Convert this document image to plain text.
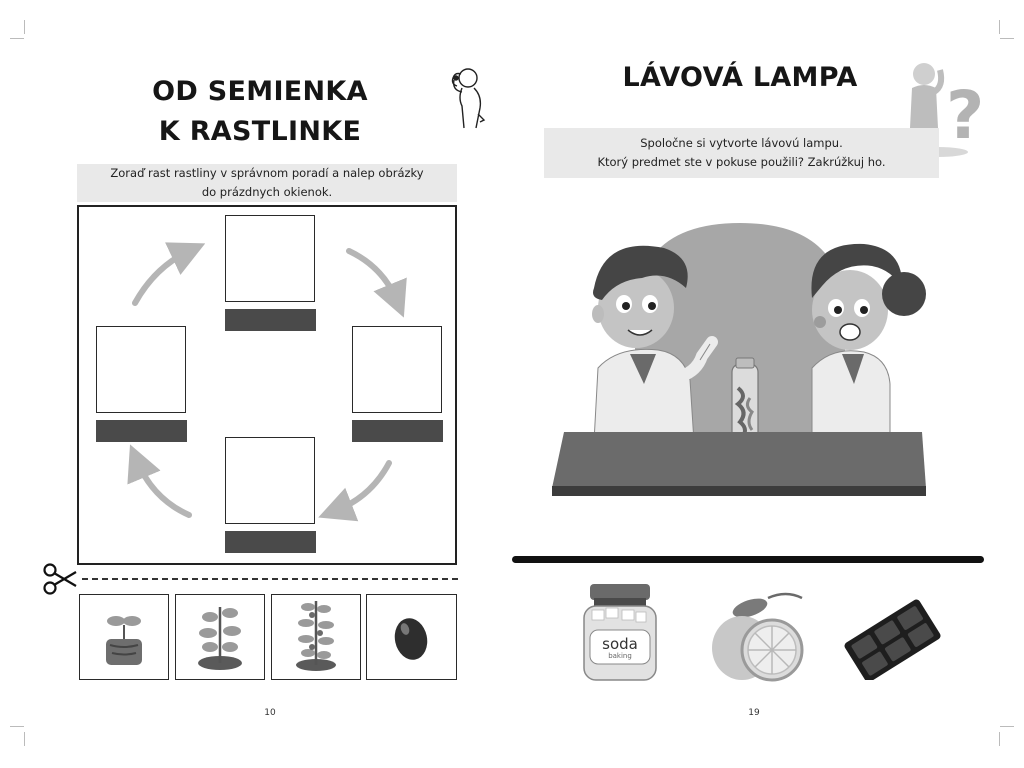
OD SEMIENKA
K RASTLINKE
Zoraď rast rastliny v správnom poradí a nalep obrázky
do prázdnych okienok.
10
LÁVOVÁ LAMPA	?
Spoločne si vytvorte lávovú lampu.
Ktorý predmet ste v pokuse použili? Zakrúžkuj ho.
soda
baking
19
